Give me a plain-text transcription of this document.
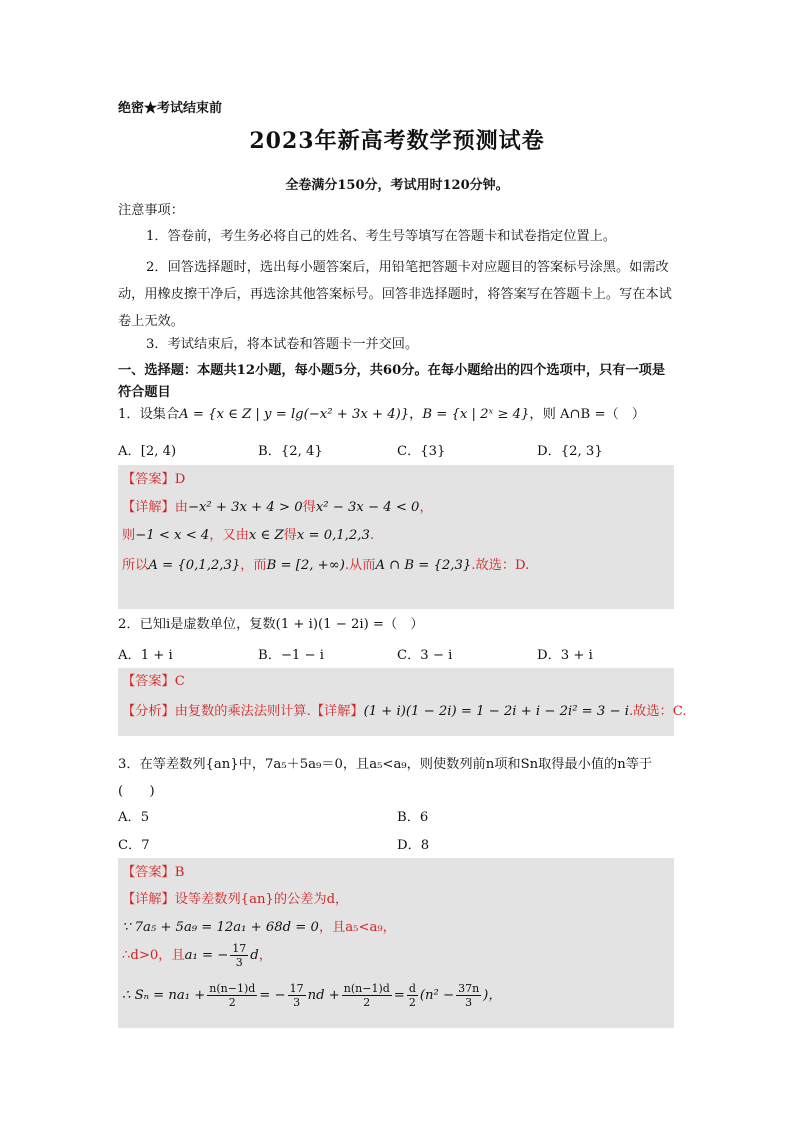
绝密★考试结束前
2023年新高考数学预测试卷
全卷满分150分，考试用时120分钟。
注意事项：
1．答卷前，考生务必将自己的姓名、考生号等填写在答题卡和试卷指定位置上。
2．回答选择题时，选出每小题答案后，用铅笔把答题卡对应题目的答案标号涂黑。如需改动，用橡皮擦干净后，再选涂其他答案标号。回答非选择题时，将答案写在答题卡上。写在本试卷上无效。
3．考试结束后，将本试卷和答题卡一并交回。
一、选择题：本题共12小题，每小题5分，共60分。在每小题给出的四个选项中，只有一项是符合题目
1．设集合A = {x ∈ Z | y = lg(−x² + 3x + 4)}，B = {x | 2ˣ ≥ 4}，则 A∩B =（　）
A．[2, 4)	B．{2, 4}	C．{3}	D．{2, 3}
【答案】D
【详解】由−x² + 3x + 4 > 0得x² − 3x − 4 < 0，
则−1 < x < 4，又由x ∈ Z得x = 0,1,2,3.
所以A = {0,1,2,3}，而B = [2, +∞).从而A ∩ B = {2,3}.故选：D.
2．已知i是虚数单位，复数(1 + i)(1 − 2i) =（　）
A．1 + i	B．−1 − i	C．3 − i	D．3 + i
【答案】C
【分析】由复数的乘法法则计算.【详解】(1 + i)(1 − 2i) = 1 − 2i + i − 2i² = 3 − i.故选：C.
3．在等差数列{an}中，7a₅＋5a₉＝0，且a₅<a₉，则使数列前n项和Sn取得最小值的n等于
(　　)
A．5	B．6
C．7	D．8
【答案】B
【详解】设等差数列{an}的公差为d，
∵ 7a₅ + 5a₉ = 12a₁ + 68d = 0，且a₅<a₉，
∴d>0，且a₁ = − $\frac{17}{3}$ d，
∴ $S_n = na_1 + \frac{n(n-1)d}{2}$ = − $\frac{17}{3}$ nd + $\frac{n(n-1)d}{2} = \frac{d}{2} (n^2 - \frac{37n}{3}$ )，
